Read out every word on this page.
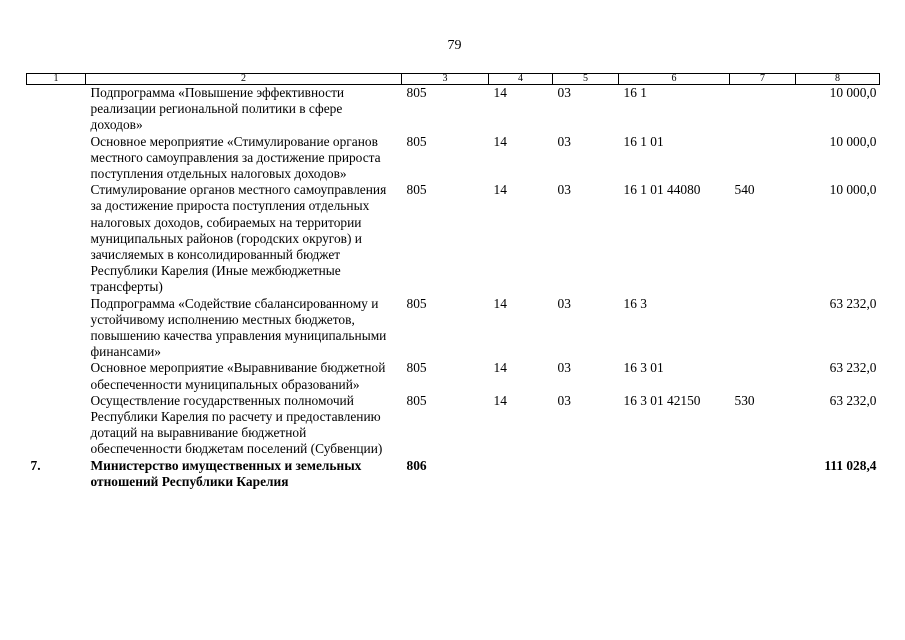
79
1	2	3	4	5	6	7	8
	Подпрограмма «Повышение эффективности реализации региональной политики в сфере доходов»	805	14	03	16 1		10 000,0
	Основное мероприятие «Стимулирование органов местного самоуправления за достижение прироста поступления отдельных налоговых доходов»	805	14	03	16 1 01		10 000,0
	Стимулирование органов местного самоуправления за достижение прироста поступления отдельных налоговых доходов, собираемых на территории муниципальных районов (городских округов) и зачисляемых в консолидированный бюджет Республики Карелия (Иные межбюджетные трансферты)	805	14	03	16 1 01 44080	540	10 000,0
	Подпрограмма «Содействие сбалансированному и устойчивому исполнению местных бюджетов, повышению качества управления муниципальными финансами»	805	14	03	16 3		63 232,0
	Основное мероприятие «Выравнивание бюджетной обеспеченности муниципальных образований»	805	14	03	16 3 01		63 232,0
	Осуществление государственных полномочий Республики Карелия по расчету и предоставлению дотаций на выравнивание бюджетной обеспеченности бюджетам поселений (Субвенции)	805	14	03	16 3 01 42150	530	63 232,0
7.	Министерство имущественных и земельных отношений Республики Карелия	806					111 028,4
